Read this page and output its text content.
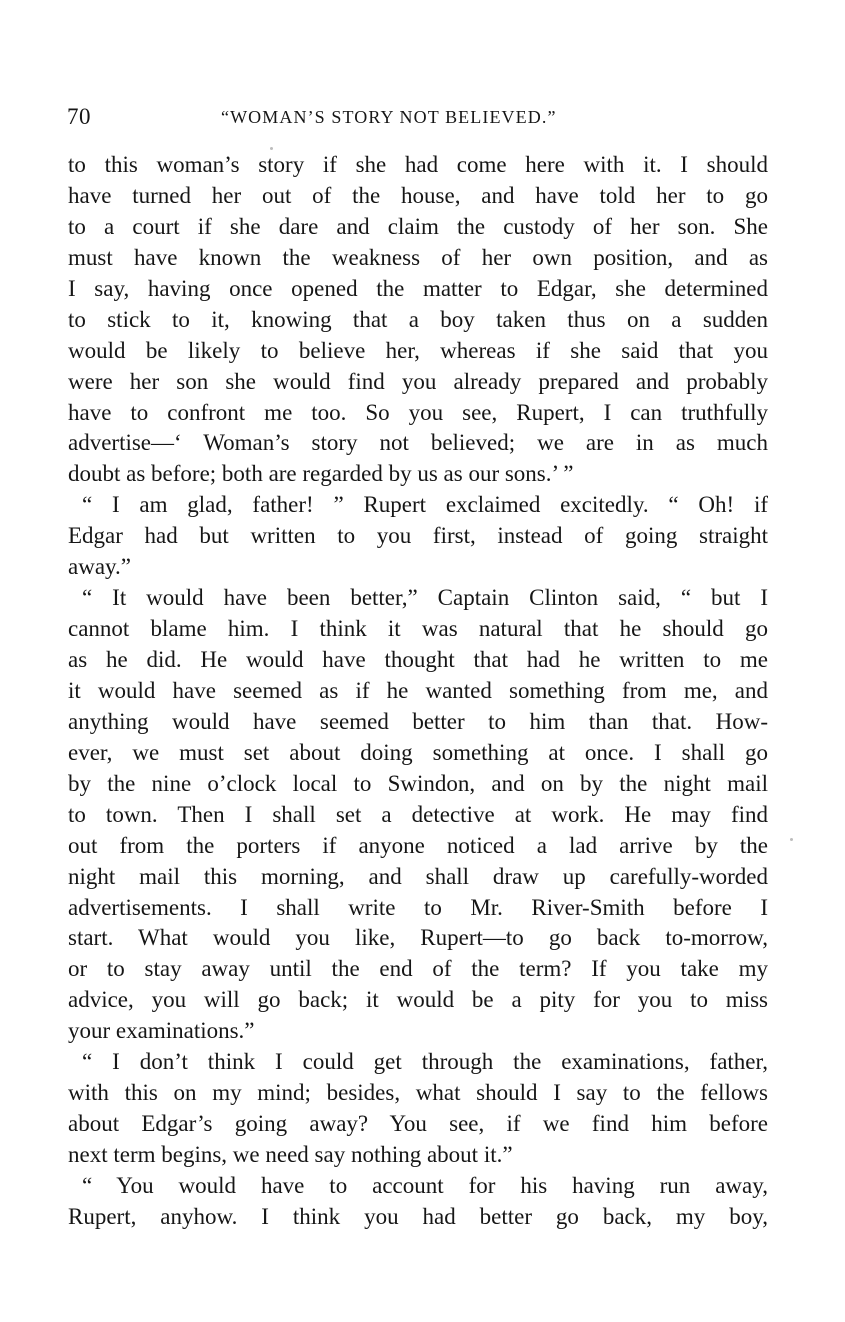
70	“WOMAN’S STORY NOT BELIEVED.”
to this woman’s story if she had come here with it. I should
have turned her out of the house, and have told her to go
to a court if she dare and claim the custody of her son. She
must have known the weakness of her own position, and as
I say, having once opened the matter to Edgar, she determined
to stick to it, knowing that a boy taken thus on a sudden
would be likely to believe her, whereas if she said that you
were her son she would find you already prepared and probably
have to confront me too. So you see, Rupert, I can truthfully
advertise—‘ Woman’s story not believed; we are in as much
doubt as before; both are regarded by us as our sons.’ ”
“ I am glad, father! ” Rupert exclaimed excitedly. “ Oh! if
Edgar had but written to you first, instead of going straight
away.”
“ It would have been better,” Captain Clinton said, “ but I
cannot blame him. I think it was natural that he should go
as he did. He would have thought that had he written to me
it would have seemed as if he wanted something from me, and
anything would have seemed better to him than that. How-
ever, we must set about doing something at once. I shall go
by the nine o’clock local to Swindon, and on by the night mail
to town. Then I shall set a detective at work. He may find
out from the porters if anyone noticed a lad arrive by the
night mail this morning, and shall draw up carefully-worded
advertisements. I shall write to Mr. River-Smith before I
start. What would you like, Rupert—to go back to-morrow,
or to stay away until the end of the term? If you take my
advice, you will go back; it would be a pity for you to miss
your examinations.”
“ I don’t think I could get through the examinations, father,
with this on my mind; besides, what should I say to the fellows
about Edgar’s going away? You see, if we find him before
next term begins, we need say nothing about it.”
“ You would have to account for his having run away,
Rupert, anyhow. I think you had better go back, my boy,
